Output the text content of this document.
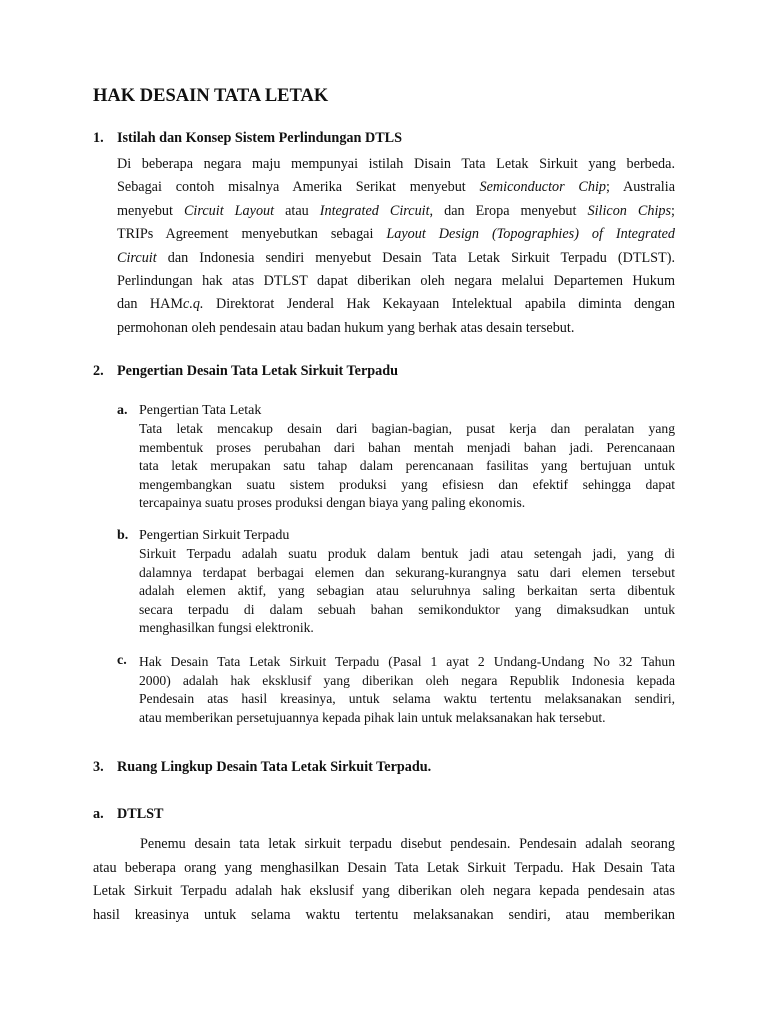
HAK DESAIN TATA LETAK
1. Istilah dan Konsep Sistem Perlindungan DTLS
Di beberapa negara maju mempunyai istilah Disain Tata Letak Sirkuit yang berbeda.
Sebagai contoh misalnya Amerika Serikat menyebut Semiconductor Chip; Australia
menyebut Circuit Layout atau Integrated Circuit, dan Eropa menyebut Silicon Chips;
TRIPs Agreement menyebutkan sebagai Layout Design (Topographies) of Integrated
Circuit dan Indonesia sendiri menyebut Desain Tata Letak Sirkuit Terpadu (DTLST).
Perlindungan hak atas DTLST dapat diberikan oleh negara melalui Departemen Hukum
dan HAMc.q. Direktorat Jenderal Hak Kekayaan Intelektual apabila diminta dengan
permohonan oleh pendesain atau badan hukum yang berhak atas desain tersebut.
2. Pengertian Desain Tata Letak Sirkuit Terpadu
a. Pengertian Tata Letak
Tata letak mencakup desain dari bagian-bagian, pusat kerja dan peralatan yang
membentuk proses perubahan dari bahan mentah menjadi bahan jadi. Perencanaan
tata letak merupakan satu tahap dalam perencanaan fasilitas yang bertujuan untuk
mengembangkan suatu sistem produksi yang efisiesn dan efektif sehingga dapat
tercapainya suatu proses produksi dengan biaya yang paling ekonomis.
b. Pengertian Sirkuit Terpadu
Sirkuit Terpadu adalah suatu produk dalam bentuk jadi atau setengah jadi, yang di
dalamnya terdapat berbagai elemen dan sekurang-kurangnya satu dari elemen tersebut
adalah elemen aktif, yang sebagian atau seluruhnya saling berkaitan serta dibentuk
secara terpadu di dalam sebuah bahan semikonduktor yang dimaksudkan untuk
menghasilkan fungsi elektronik.
c. Hak Desain Tata Letak Sirkuit Terpadu (Pasal 1 ayat 2 Undang-Undang No 32 Tahun
2000) adalah hak eksklusif yang diberikan oleh negara Republik Indonesia kepada
Pendesain atas hasil kreasinya, untuk selama waktu tertentu melaksanakan sendiri,
atau memberikan persetujuannya kepada pihak lain untuk melaksanakan hak tersebut.
3. Ruang Lingkup Desain Tata Letak Sirkuit Terpadu.
a. DTLST
Penemu desain tata letak sirkuit terpadu disebut pendesain. Pendesain adalah seorang
atau beberapa orang yang menghasilkan Desain Tata Letak Sirkuit Terpadu. Hak Desain Tata
Letak Sirkuit Terpadu adalah hak ekslusif yang diberikan oleh negara kepada pendesain atas
hasil kreasinya untuk selama waktu tertentu melaksanakan sendiri, atau memberikan
